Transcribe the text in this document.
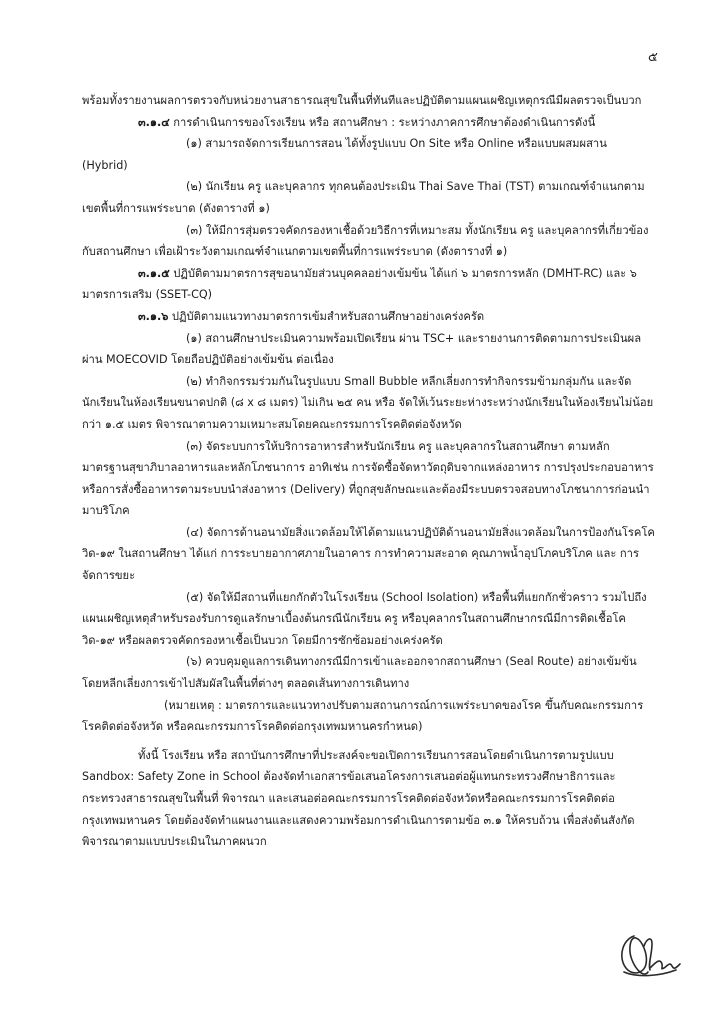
๕

พร้อมทั้งรายงานผลการตรวจกับหน่วยงานสาธารณสุขในพื้นที่ทันทีและปฏิบัติตามแผนเผชิญเหตุกรณีมีผลตรวจเป็นบวก

๓.๑.๔ การดำเนินการของโรงเรียน หรือ สถานศึกษา : ระหว่างภาคการศึกษาต้องดำเนินการดังนี้

(๑) สามารถจัดการเรียนการสอน ได้ทั้งรูปแบบ On Site หรือ Online หรือแบบผสมผสาน (Hybrid)

(๒) นักเรียน ครู และบุคลากร ทุกคนต้องประเมิน Thai Save Thai (TST) ตามเกณฑ์จำแนกตามเขตพื้นที่การแพร่ระบาด (ดังตารางที่ ๑)

(๓) ให้มีการสุ่มตรวจคัดกรองหาเชื้อด้วยวิธีการที่เหมาะสม ทั้งนักเรียน ครู และบุคลากรที่เกี่ยวข้องกับสถานศึกษา เพื่อเฝ้าระวังตามเกณฑ์จำแนกตามเขตพื้นที่การแพร่ระบาด (ดังตารางที่ ๑)

๓.๑.๕ ปฏิบัติตามมาตรการสุขอนามัยส่วนบุคคลอย่างเข้มข้น ได้แก่ ๖ มาตรการหลัก (DMHT-RC) และ ๖ มาตรการเสริม (SSET-CQ)

๓.๑.๖ ปฏิบัติตามแนวทางมาตรการเข้มสำหรับสถานศึกษาอย่างเคร่งครัด

(๑) สถานศึกษาประเมินความพร้อมเปิดเรียน ผ่าน TSC+ และรายงานการติดตามการประเมินผล ผ่าน MOECOVID โดยถือปฏิบัติอย่างเข้มข้น ต่อเนื่อง

(๒) ทำกิจกรรมร่วมกันในรูปแบบ Small Bubble หลีกเลี่ยงการทำกิจกรรมข้ามกลุ่มกัน และจัดนักเรียนในห้องเรียนขนาดปกติ (๘ x ๘ เมตร) ไม่เกิน ๒๕ คน หรือ จัดให้เว้นระยะห่างระหว่างนักเรียนในห้องเรียนไม่น้อยกว่า ๑.๕ เมตร พิจารณาตามความเหมาะสมโดยคณะกรรมการโรคติดต่อจังหวัด

(๓) จัดระบบการให้บริการอาหารสำหรับนักเรียน ครู และบุคลากรในสถานศึกษา ตามหลักมาตรฐานสุขาภิบาลอาหารและหลักโภชนาการ อาทิเช่น การจัดซื้อจัดหาวัตถุดิบจากแหล่งอาหาร การปรุงประกอบอาหาร หรือการสั่งซื้ออาหารตามระบบนำส่งอาหาร (Delivery) ที่ถูกสุขลักษณะและต้องมีระบบตรวจสอบทางโภชนาการก่อนนำมาบริโภค

(๔) จัดการด้านอนามัยสิ่งแวดล้อมให้ได้ตามแนวปฏิบัติด้านอนามัยสิ่งแวดล้อมในการป้องกันโรคโควิด-๑๙ ในสถานศึกษา ได้แก่ การระบายอากาศภายในอาคาร การทำความสะอาด คุณภาพน้ำอุปโภคบริโภค และ การจัดการขยะ

(๕) จัดให้มีสถานที่แยกกักตัวในโรงเรียน (School Isolation) หรือพื้นที่แยกกักชั่วคราว รวมไปถึงแผนเผชิญเหตุสำหรับรองรับการดูแลรักษาเบื้องต้นกรณีนักเรียน ครู หรือบุคลากรในสถานศึกษากรณีมีการติดเชื้อโควิด-๑๙ หรือผลตรวจคัดกรองหาเชื้อเป็นบวก โดยมีการซักซ้อมอย่างเคร่งครัด

(๖) ควบคุมดูแลการเดินทางกรณีมีการเข้าและออกจากสถานศึกษา (Seal Route) อย่างเข้มข้น โดยหลีกเลี่ยงการเข้าไปสัมผัสในพื้นที่ต่างๆ ตลอดเส้นทางการเดินทาง

(หมายเหตุ : มาตรการและแนวทางปรับตามสถานการณ์การแพร่ระบาดของโรค ขึ้นกับคณะกรรมการโรคติดต่อจังหวัด หรือคณะกรรมการโรคติดต่อกรุงเทพมหานครกำหนด)

ทั้งนี้ โรงเรียน หรือ สถาบันการศึกษาที่ประสงค์จะขอเปิดการเรียนการสอนโดยดำเนินการตามรูปแบบ Sandbox: Safety Zone in School ต้องจัดทำเอกสารข้อเสนอโครงการเสนอต่อผู้แทนกระทรวงศึกษาธิการและกระทรวงสาธารณสุขในพื้นที่ พิจารณา และเสนอต่อคณะกรรมการโรคติดต่อจังหวัดหรือคณะกรรมการโรคติดต่อกรุงเทพมหานคร โดยต้องจัดทำแผนงานและแสดงความพร้อมการดำเนินการตามข้อ ๓.๑ ให้ครบถ้วน เพื่อส่งต้นสังกัดพิจารณาตามแบบประเมินในภาคผนวก
